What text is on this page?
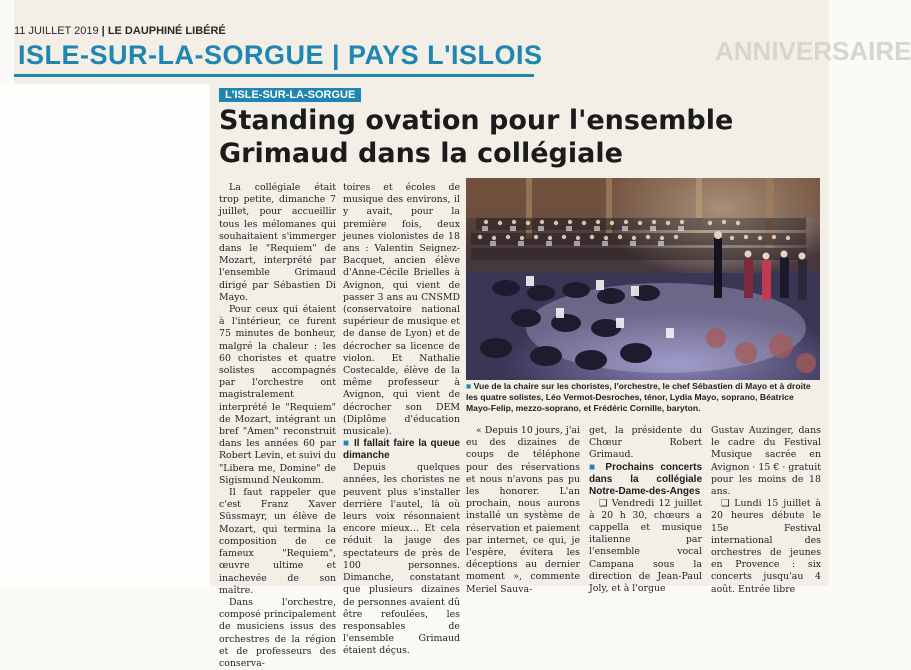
11 JUILLET 2019 | LE DAUPHINÉ LIBÉRÉ
ISLE-SUR-LA-SORGUE | PAYS L'ISLOIS	ANNIVERSAIRE
L'ISLE-SUR-LA-SORGUE
Standing ovation pour l'ensemble
Grimaud dans la collégiale

La collégiale était trop petite, dimanche 7 juillet, pour accueillir tous les mélomanes qui souhaitaient s'immerger dans le "Requiem" de Mozart, interprété par l'ensemble Grimaud dirigé par Sébastien Di Mayo.

Pour ceux qui étaient à l'intérieur, ce furent 75 minutes de bonheur, malgré la chaleur : les 60 choristes et quatre solistes accompagnés par l'orchestre ont magistralement interprété le "Requiem" de Mozart, intégrant un bref "Amen" reconstruit dans les années 60 par Robert Levin, et suivi du "Libera me, Domine" de Sigismund Neukomm.

Il faut rappeler que c'est Franz Xaver Süssmayr, un élève de Mozart, qui termina la composition de ce fameux "Requiem", œuvre ultime et inachevée de son maître.

Dans l'orchestre, composé principalement de musiciens issus des orchestres de la région et de professeurs des conserva-

toires et écoles de musique des environs, il y avait, pour la première fois, deux jeunes violonistes de 18 ans : Valentin Seignez-Bacquet, ancien élève d'Anne-Cécile Brielles à Avignon, qui vient de passer 3 ans au CNSMD (conservatoire national supérieur de musique et de danse de Lyon) et de décrocher sa licence de violon. Et Nathalie Costecalde, élève de la même professeur à Avignon, qui vient de décrocher son DEM (Diplôme d'éducation musicale).

■ Il fallait faire la queue dimanche

Depuis quelques années, les choristes ne peuvent plus s'installer derrière l'autel, là où leurs voix résonnaient encore mieux… Et cela réduit la jauge des spectateurs de près de 100 personnes. Dimanche, constatant que plusieurs dizaines de personnes avaient dû être refoulées, les responsables de l'ensemble Grimaud étaient déçus.

■ Vue de la chaire sur les choristes, l'orchestre, le chef Sébastien di Mayo et à droite les quatre solistes, Léo Vermot-Desroches, ténor, Lydia Mayo, soprano, Béatrice Mayo-Felip, mezzo-soprano, et Frédéric Cornille, baryton.

« Depuis 10 jours, j'ai eu des dizaines de coups de téléphone pour des réservations et nous n'avons pas pu les honorer. L'an prochain, nous aurons installé un système de réservation et paiement par internet, ce qui, je l'espère, évitera les déceptions au dernier moment », commente Meriel Sauva-

get, la présidente du Chœur Robert Grimaud.

■ Prochains concerts dans la collégiale Notre-Dame-des-Anges

❑ Vendredi 12 juillet à 20 h 30, chœurs a cappella et musique italienne par l'ensemble vocal Campana sous la direction de Jean-Paul Joly, et à l'orgue

Gustav Auzinger, dans le cadre du Festival Musique sacrée en Avignon · 15 € · gratuit pour les moins de 18 ans.

❑ Lundi 15 juillet à 20 heures débute le 15e Festival international des orchestres de jeunes en Provence : six concerts jusqu'au 4 août. Entrée libre
